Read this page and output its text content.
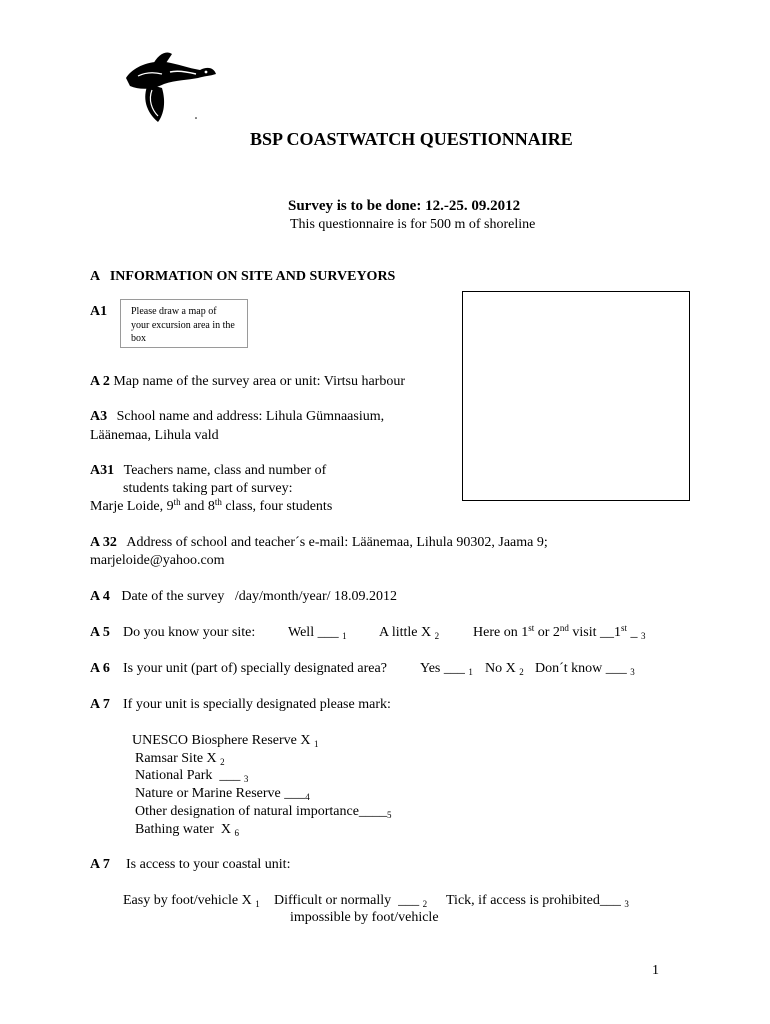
BSP COASTWATCH QUESTIONNAIRE
Survey is to be done: 12.-25. 09.2012
This questionnaire is for 500 m of shoreline
A   INFORMATION ON SITE AND SURVEYORS
A1	Please draw a map of your excursion area in the box
A 2 Map name of the survey area or unit: Virtsu harbour
A3 School name and address: Lihula Gümnaasium,
Läänemaa, Lihula vald
A31 Teachers name, class and number of
students taking part of survey:
Marje Loide, 9th and 8th class, four students
A 32 Address of school and teacher´s e-mail: Läänemaa, Lihula 90302, Jaama 9;
marjeloide@yahoo.com
A 4 Date of the survey   /day/month/year/ 18.09.2012
A 5 Do you know your site: Well ___ $_1$ A little X $_2$ Here on 1st or 2nd visit __1st _ $_3$
A 6 Is your unit (part of) specially designated area? Yes ___ $_1$ No X $_2$ Don´t know ___ $_3$
A 7 If your unit is specially designated please mark:
UNESCO Biosphere Reserve X $_1$
Ramsar Site X $_2$
National Park  ___ $_3$
Nature or Marine Reserve $\_\_\__4$
Other designation of natural $importance\_\_\_\__5$
Bathing water  X $_6$
A 7 Is access to your coastal unit:
Easy by foot/vehicle X $_1$ Difficult or normally  ___ $_2$ Tick, if access is prohibited___ $_3$
impossible by foot/vehicle
1
